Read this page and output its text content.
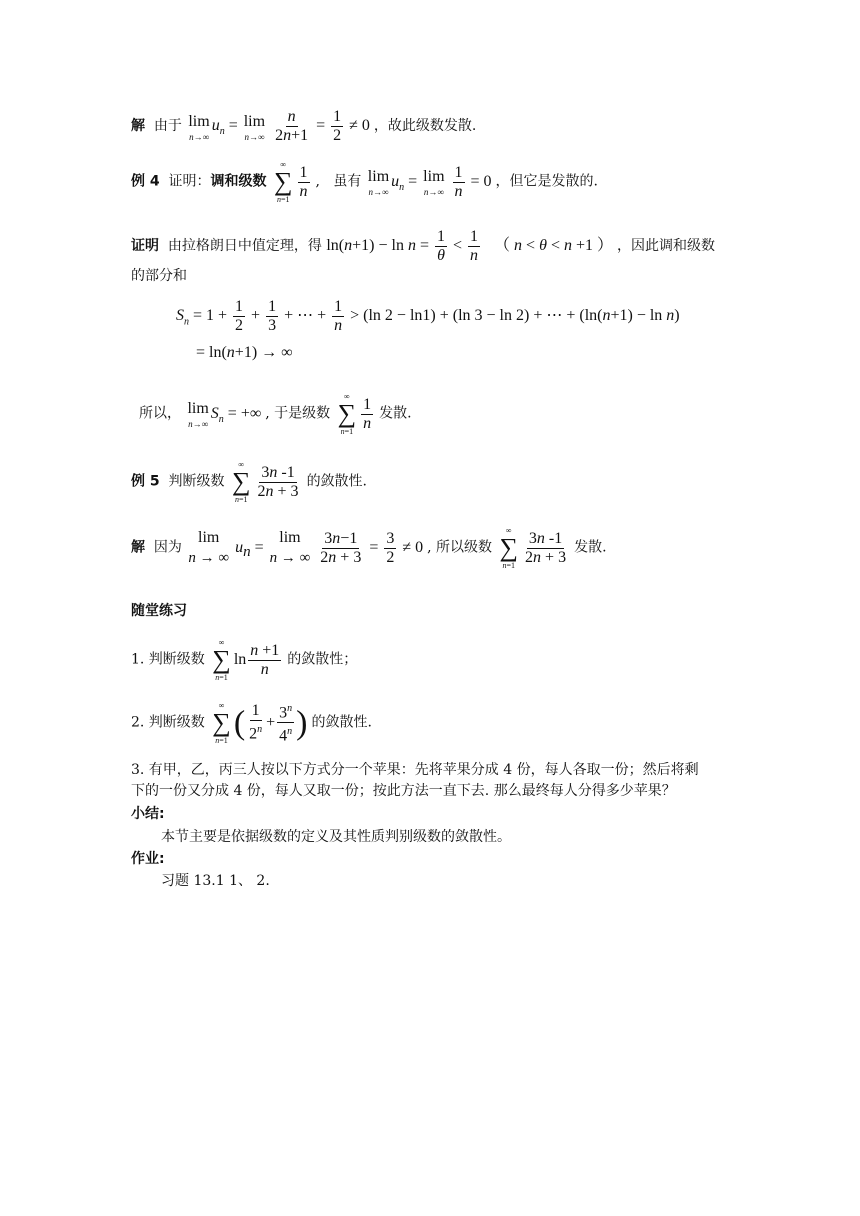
解 由于 lim
n→∞
$u_n = \lim$
n→∞
$\frac{n}{2n+1} = \frac{1}{2} \ne 0$ ，故此级数发散.
例 4 证明：调和级数
∞
∑
$n=1 \frac{1}{n}$ , 虽有 lim
n→∞
$u_n = \lim$
n→∞
$\frac{1}{n} = 0$ ，但它是发散的.
证明 由拉格朗日中值定理，得 $\ln(n+1) - \ln n = \frac{1}{\theta} < \frac{1}{n}$ （ n < θ < n +1 ） ，因此调和级数
的部分和
$S_n = 1 + \frac{1}{2} + \frac{1}{3}$ + ⋯ + $\frac{1}{n} > (\ln$ 2 − ln1) + (ln 3 − ln 2) + ⋯ + (ln(n+1) − ln n)
= ln(n+1) → ∞
所以， lim
n→∞
$S_n$ = +∞ , 于是级数
∞
∑
$n=1 \frac{1}{n}$ 发散.
例 5 判断级数
∞
∑
$n=1 \frac{3n -1}{2n + 3}$ 的敛散性.
解 因为
lim
n → ∞
un =
lim
n → ∞
$\frac{3n-1}{2n + 3} = \frac{3}{2} \ne 0$ , 所以级数
∞
∑
$n=1 \frac{3n -1}{2n + 3}$ 发散.
随堂练习
1. 判断级数
∞
∑
n=1
$\ln \frac{n +1}{n}$ 的敛散性；
2. 判断级数
∞
∑
n=1 ( $\frac{1}{2^n} + \frac{3^n}{4^n}$ ) 的敛散性.
3. 有甲，乙，丙三人按以下方式分一个苹果：先将苹果分成 4 份，每人各取一份；然后将剩
下的一份又分成 4 份，每人又取一份；按此方法一直下去. 那么最终每人分得多少苹果？
小结:
本节主要是依据级数的定义及其性质判别级数的敛散性。
作业:
习题 13.1 1、 2.
